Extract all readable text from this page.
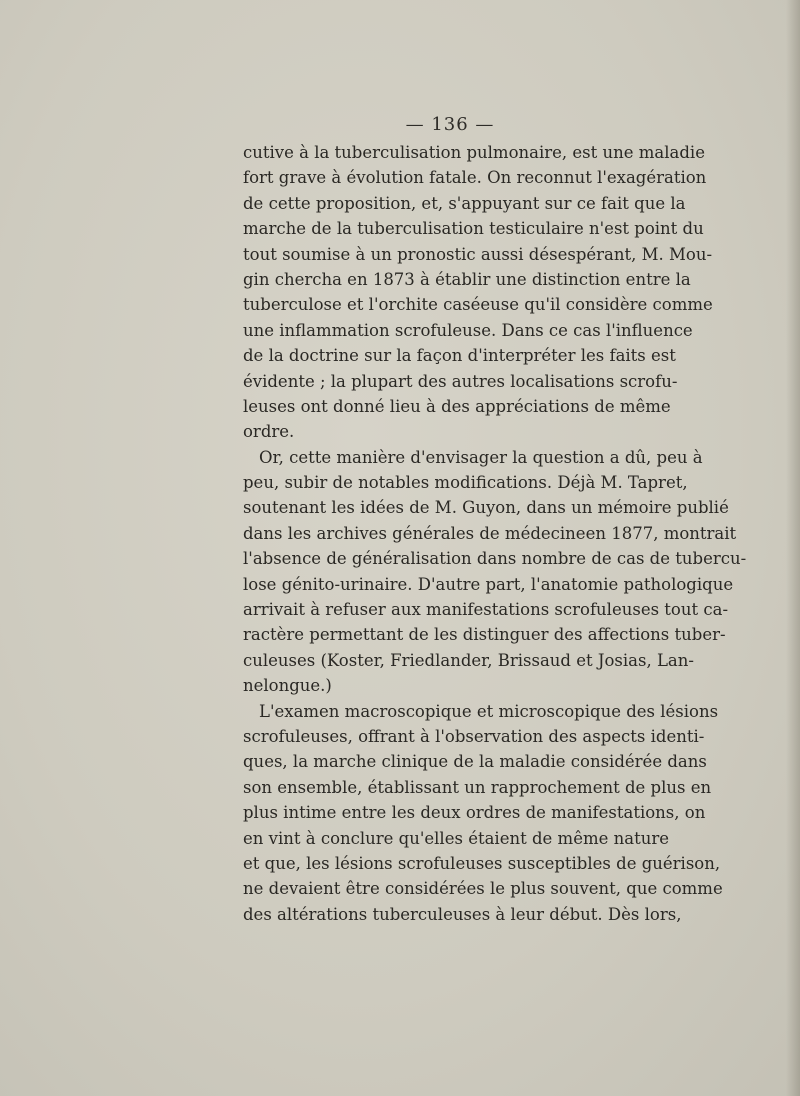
— 136 —
cutive à la tuberculisation pulmonaire, est une maladie
fort grave à évolution fatale. On reconnut l'exagération
de cette proposition, et, s'appuyant sur ce fait que la
marche de la tuberculisation testiculaire n'est point du
tout soumise à un pronostic aussi désespérant, M. Mou-
gin chercha en 1873 à établir une distinction entre la
tuberculose et l'orchite caséeuse qu'il considère comme
une inflammation scrofuleuse. Dans ce cas l'influence
de la doctrine sur la façon d'interpréter les faits est
évidente ; la plupart des autres localisations scrofu-
leuses ont donné lieu à des appréciations de même
ordre.
Or, cette manière d'envisager la question a dû, peu à
peu, subir de notables modifications. Déjà M. Tapret,
soutenant les idées de M. Guyon, dans un mémoire publié
dans les archives générales de médecineen 1877, montrait
l'absence de généralisation dans nombre de cas de tubercu-
lose génito-urinaire. D'autre part, l'anatomie pathologique
arrivait à refuser aux manifestations scrofuleuses tout ca-
ractère permettant de les distinguer des affections tuber-
culeuses (Koster, Friedlander, Brissaud et Josias, Lan-
nelongue.)
L'examen macroscopique et microscopique des lésions
scrofuleuses, offrant à l'observation des aspects identi-
ques, la marche clinique de la maladie considérée dans
son ensemble, établissant un rapprochement de plus en
plus intime entre les deux ordres de manifestations, on
en vint à conclure qu'elles étaient de même nature
et que, les lésions scrofuleuses susceptibles de guérison,
ne devaient être considérées le plus souvent, que comme
des altérations tuberculeuses à leur début. Dès lors,
